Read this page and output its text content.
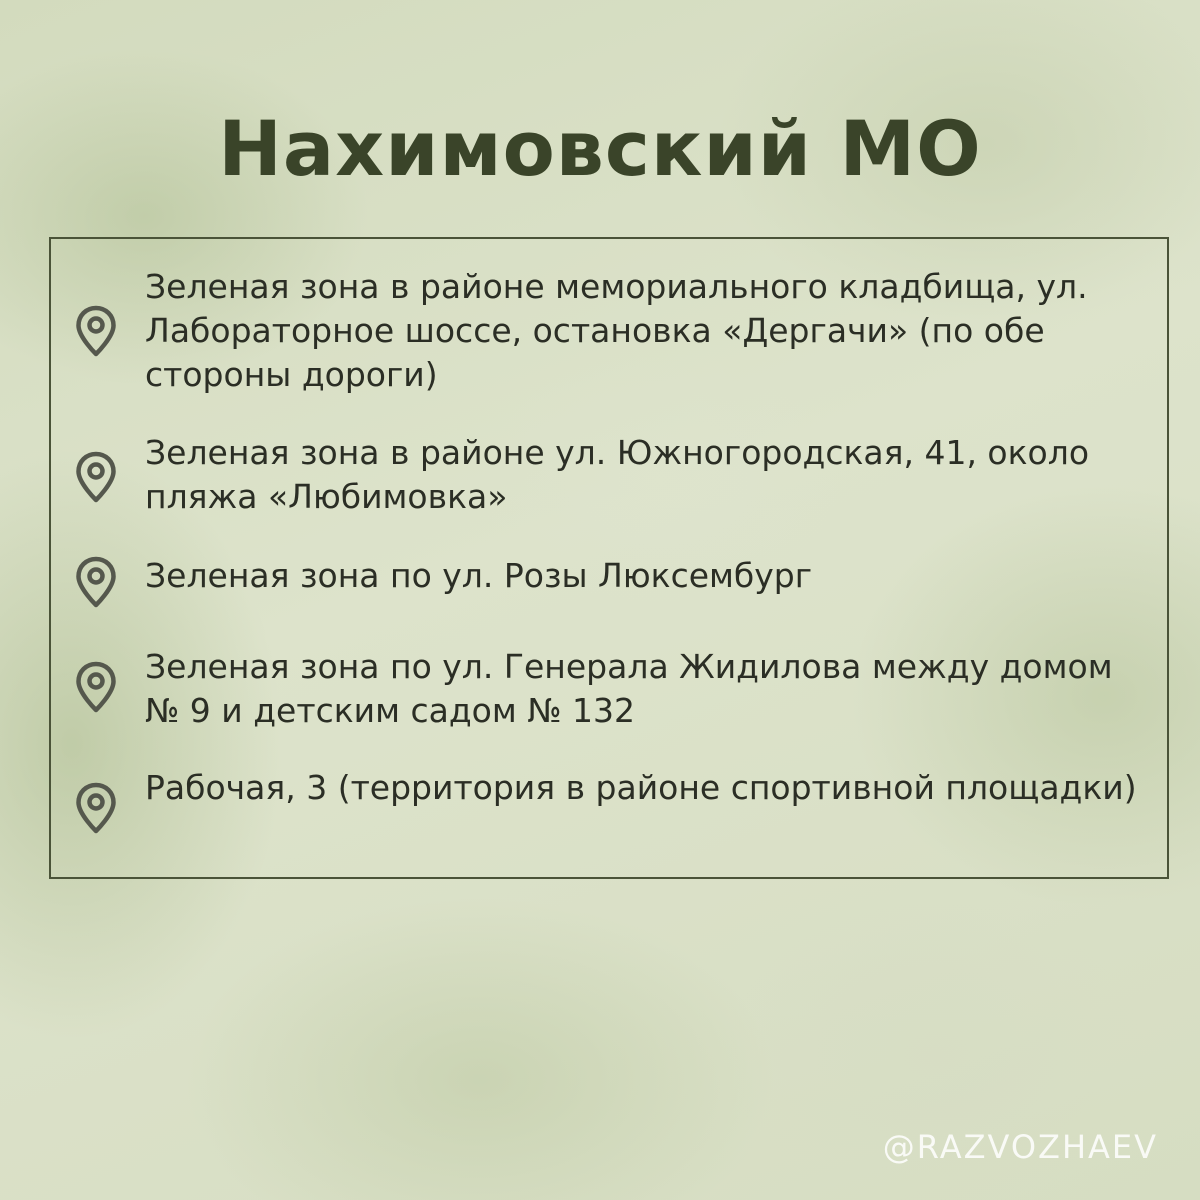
Нахимовский МО

Зеленая зона в районе мемориального кладбища, ул. Лабораторное шоссе, остановка «Дергачи» (по обе стороны дороги)

Зеленая зона в районе ул. Южногородская, 41, около пляжа «Любимовка»

Зеленая зона по ул. Розы Люксембург

Зеленая зона по ул. Генерала Жидилова между домом № 9 и детским садом № 132

Рабочая, 3 (территория в районе спортивной площадки)

@RAZVOZHAEV
